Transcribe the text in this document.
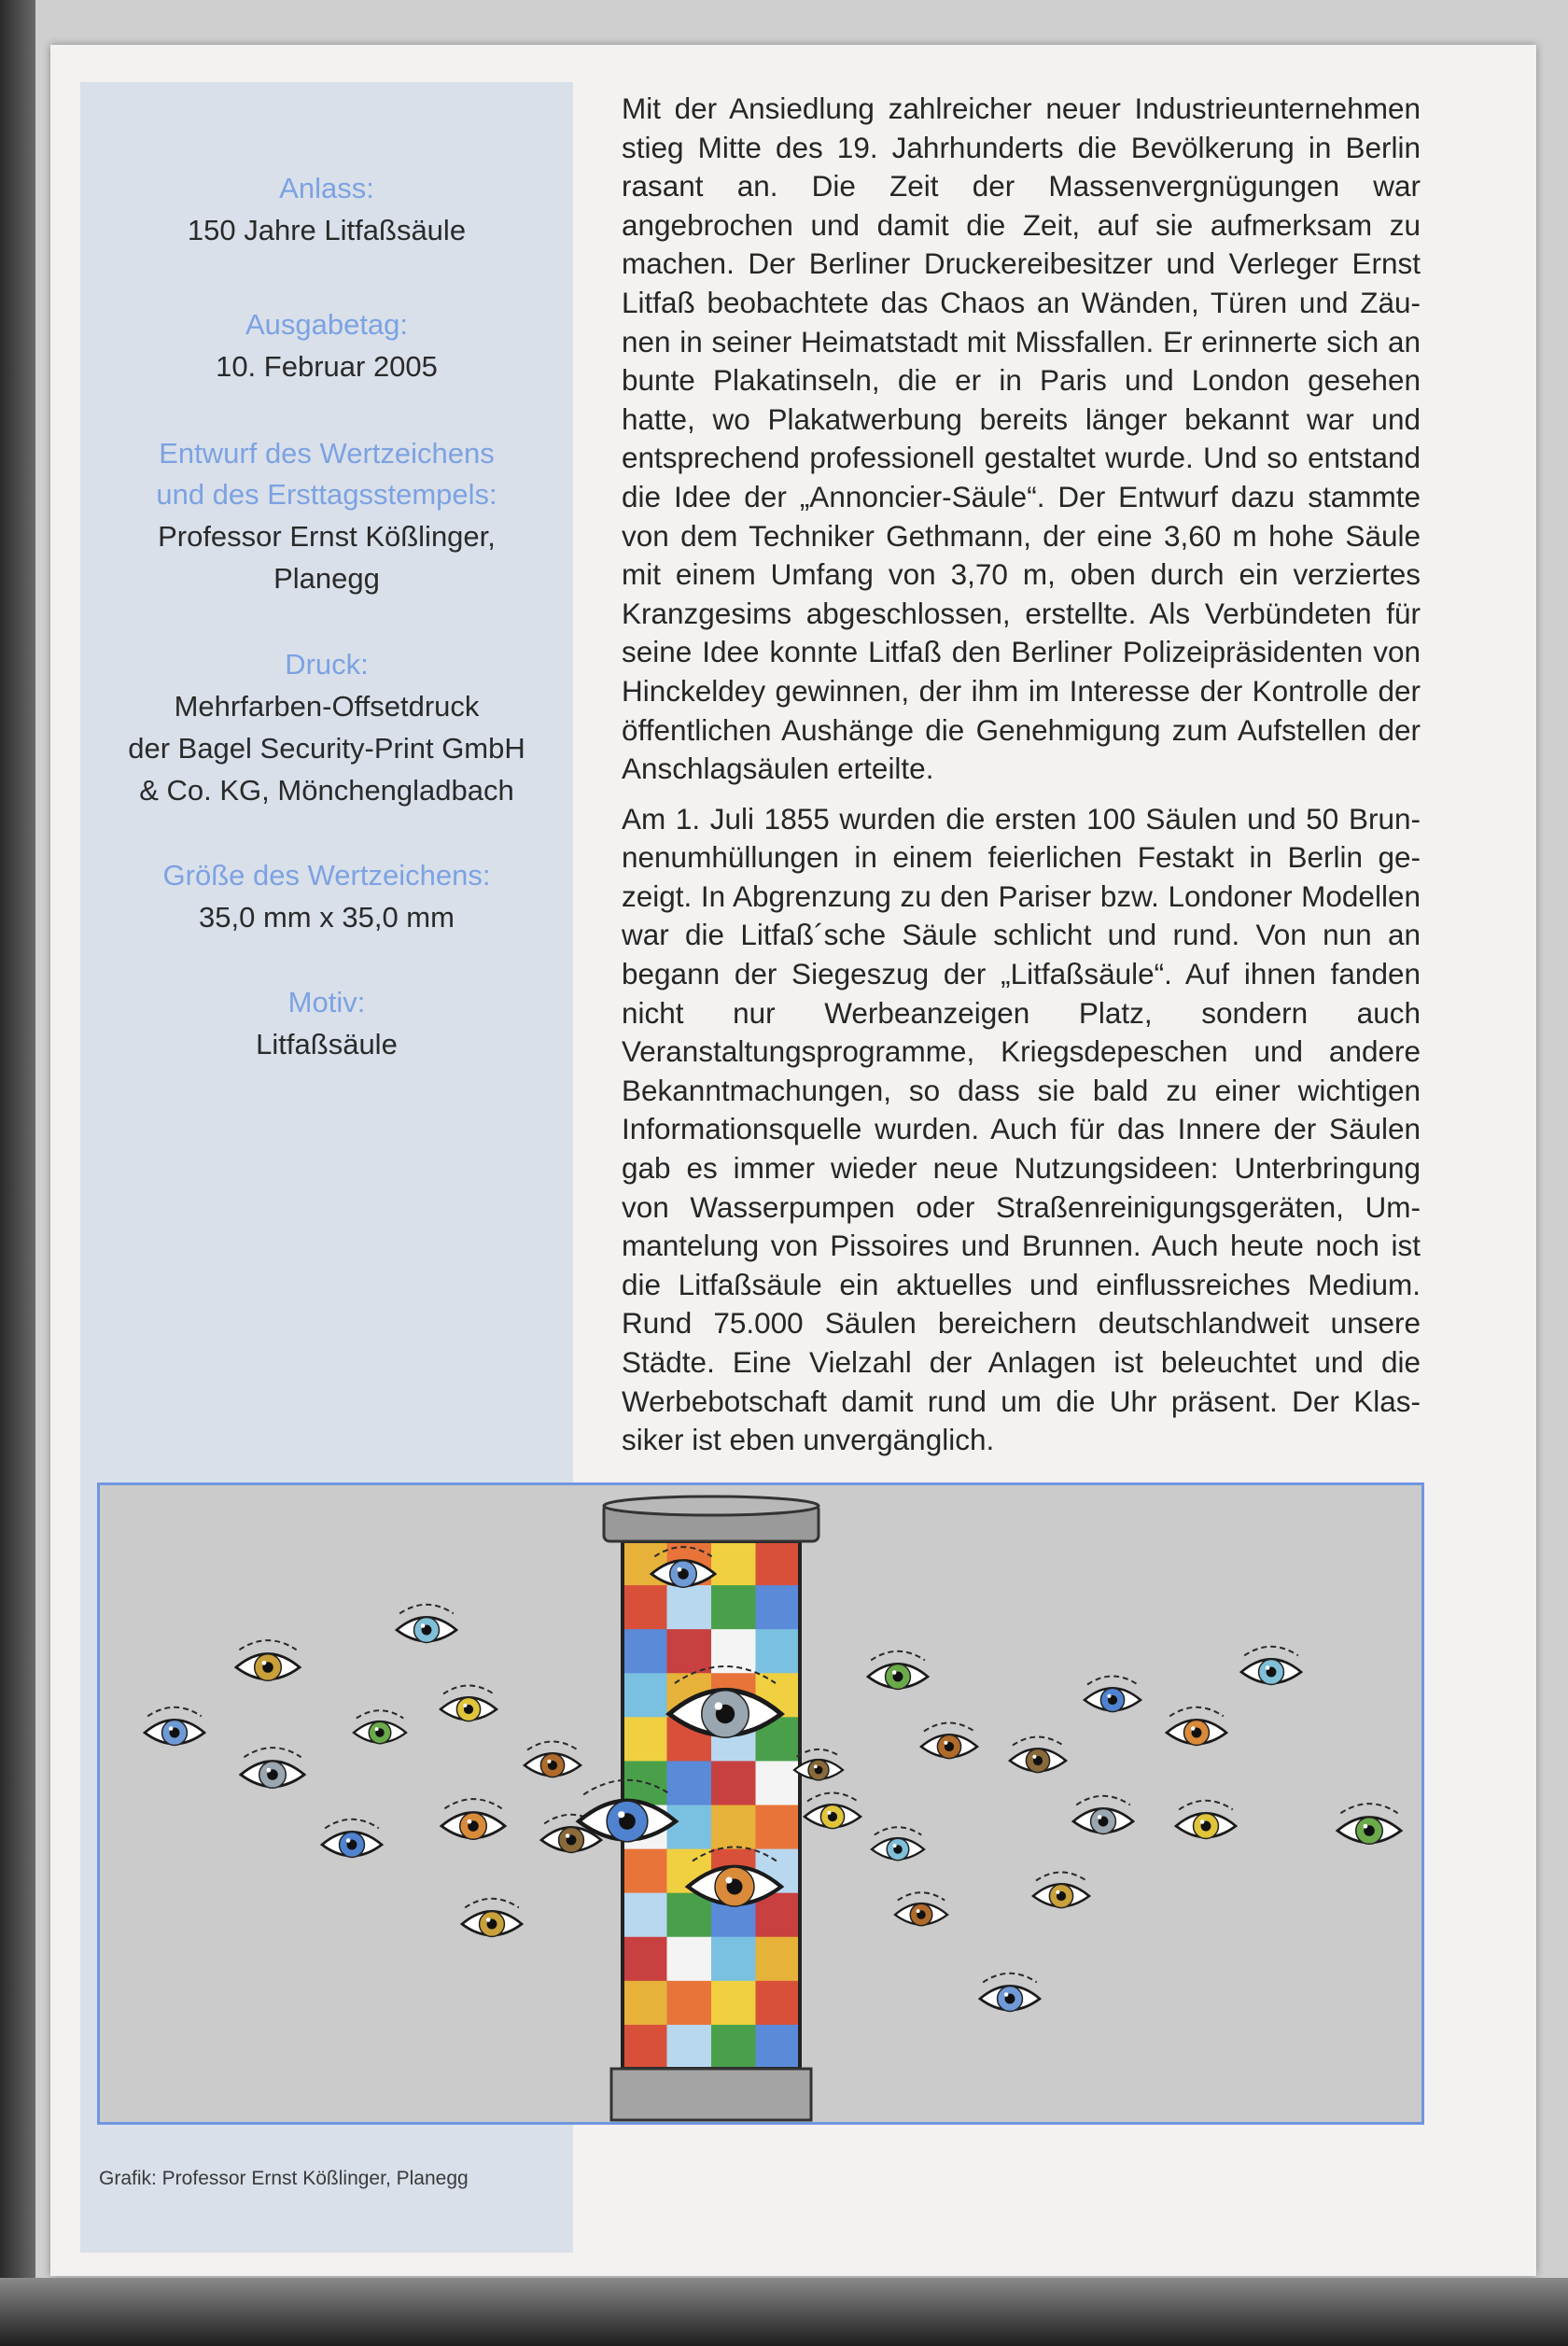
Anlass:
150 Jahre Litfaßsäule
Ausgabetag:
10. Februar 2005
Entwurf des Wertzeichens
und des Ersttagsstempels:
Professor Ernst Kößlinger,
Planegg
Druck:
Mehrfarben-Offsetdruck
der Bagel Security-Print GmbH
& Co. KG, Mönchengladbach
Größe des Wertzeichens:
35,0 mm x 35,0 mm
Motiv:
Litfaßsäule

Mit der Ansiedlung zahlreicher neuer Industrieunternehmen stieg Mitte des 19. Jahrhunderts die Bevölkerung in Berlin rasant an. Die Zeit der Massenvergnügungen war angebrochen und damit die Zeit, auf sie aufmerksam zu machen. Der Berliner Druckereibesitzer und Verleger Ernst Litfaß beobachtete das Chaos an Wänden, Türen und Zäunen in seiner Heimatstadt mit Missfallen. Er erinnerte sich an bunte Plakatinseln, die er in Paris und London gesehen hatte, wo Plakatwerbung bereits länger bekannt war und entsprechend professionell gestaltet wurde. Und so entstand die Idee der „Annoncier-Säule“. Der Entwurf dazu stammte von dem Techniker Gethmann, der eine 3,60 m hohe Säule mit einem Umfang von 3,70 m, oben durch ein verziertes Kranzgesims abgeschlossen, erstellte. Als Verbündeten für seine Idee konnte Litfaß den Berliner Polizeipräsidenten von Hinckeldey gewinnen, der ihm im Interesse der Kontrolle der öffentlichen Aushänge die Genehmigung zum Aufstellen der Anschlagsäulen erteilte.

Am 1. Juli 1855 wurden die ersten 100 Säulen und 50 Brunnenumhüllungen in einem feierlichen Festakt in Berlin gezeigt. In Abgrenzung zu den Pariser bzw. Londoner Modellen war die Litfaß´sche Säule schlicht und rund. Von nun an begann der Siegeszug der „Litfaßsäule“. Auf ihnen fanden nicht nur Werbeanzeigen Platz, sondern auch Veranstaltungsprogramme, Kriegsdepeschen und andere Bekanntmachungen, so dass sie bald zu einer wichtigen Informationsquelle wurden. Auch für das Innere der Säulen gab es immer wieder neue Nutzungsideen: Unterbringung von Wasserpumpen oder Straßenreinigungsgeräten, Ummantelung von Pissoires und Brunnen. Auch heute noch ist die Litfaßsäule ein aktuelles und einflussreiches Medium. Rund 75.000 Säulen bereichern deutschlandweit unsere Städte. Eine Vielzahl der Anlagen ist beleuchtet und die Werbebotschaft damit rund um die Uhr präsent. Der Klassiker ist eben unvergänglich.

Grafik: Professor Ernst Kößlinger, Planegg
